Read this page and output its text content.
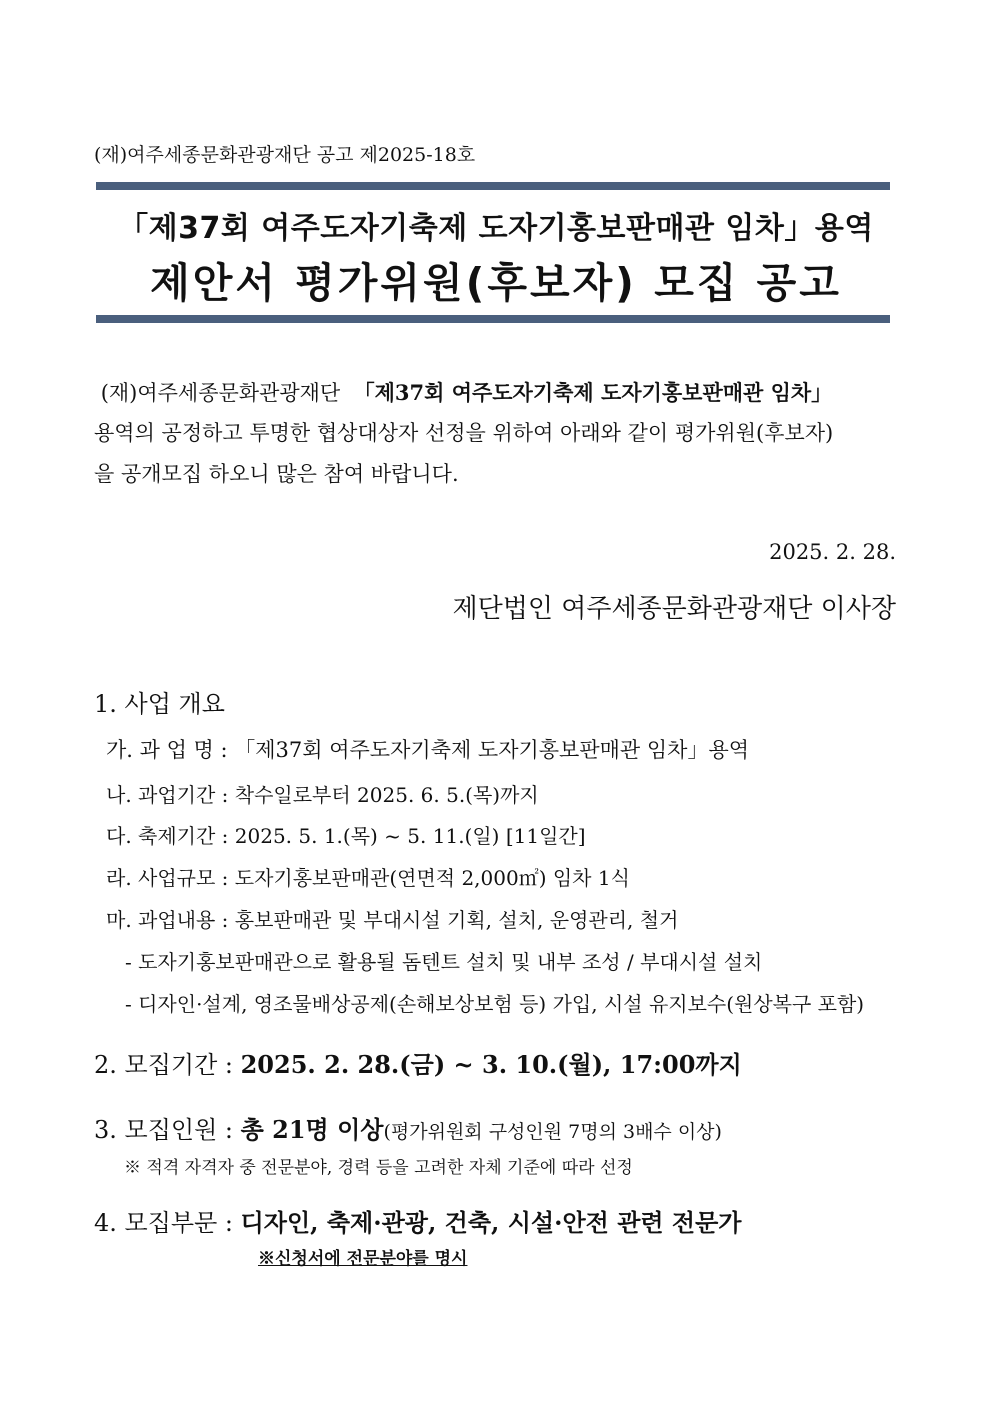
(재)여주세종문화관광재단 공고 제2025-18호
「제37회 여주도자기축제 도자기홍보판매관 임차」용역
제안서 평가위원(후보자) 모집 공고
(재)여주세종문화관광재단  「제37회 여주도자기축제 도자기홍보판매관 임차」
용역의 공정하고 투명한 협상대상자 선정을 위하여 아래와 같이 평가위원(후보자)
을 공개모집 하오니 많은 참여 바랍니다.
2025. 2. 28.
제단법인 여주세종문화관광재단 이사장
1. 사업 개요
가. 과 업 명 : 「제37회 여주도자기축제 도자기홍보판매관 임차」용역
나. 과업기간 : 착수일로부터 2025. 6. 5.(목)까지
다. 축제기간 : 2025. 5. 1.(목) ~ 5. 11.(일) [11일간]
라. 사업규모 : 도자기홍보판매관(연면적 2,000㎡) 임차 1식
마. 과업내용 : 홍보판매관 및 부대시설 기획, 설치, 운영관리, 철거
- 도자기홍보판매관으로 활용될 돔텐트 설치 및 내부 조성 / 부대시설 설치
- 디자인·설계, 영조물배상공제(손해보상보험 등) 가입, 시설 유지보수(원상복구 포함)
2. 모집기간 : 2025. 2. 28.(금) ~ 3. 10.(월), 17:00까지
3. 모집인원 : 총 21명 이상(평가위원회 구성인원 7명의 3배수 이상)
※ 적격 자격자 중 전문분야, 경력 등을 고려한 자체 기준에 따라 선정
4. 모집부문 : 디자인, 축제·관광, 건축, 시설·안전 관련 전문가
※신청서에 전문분야를 명시
